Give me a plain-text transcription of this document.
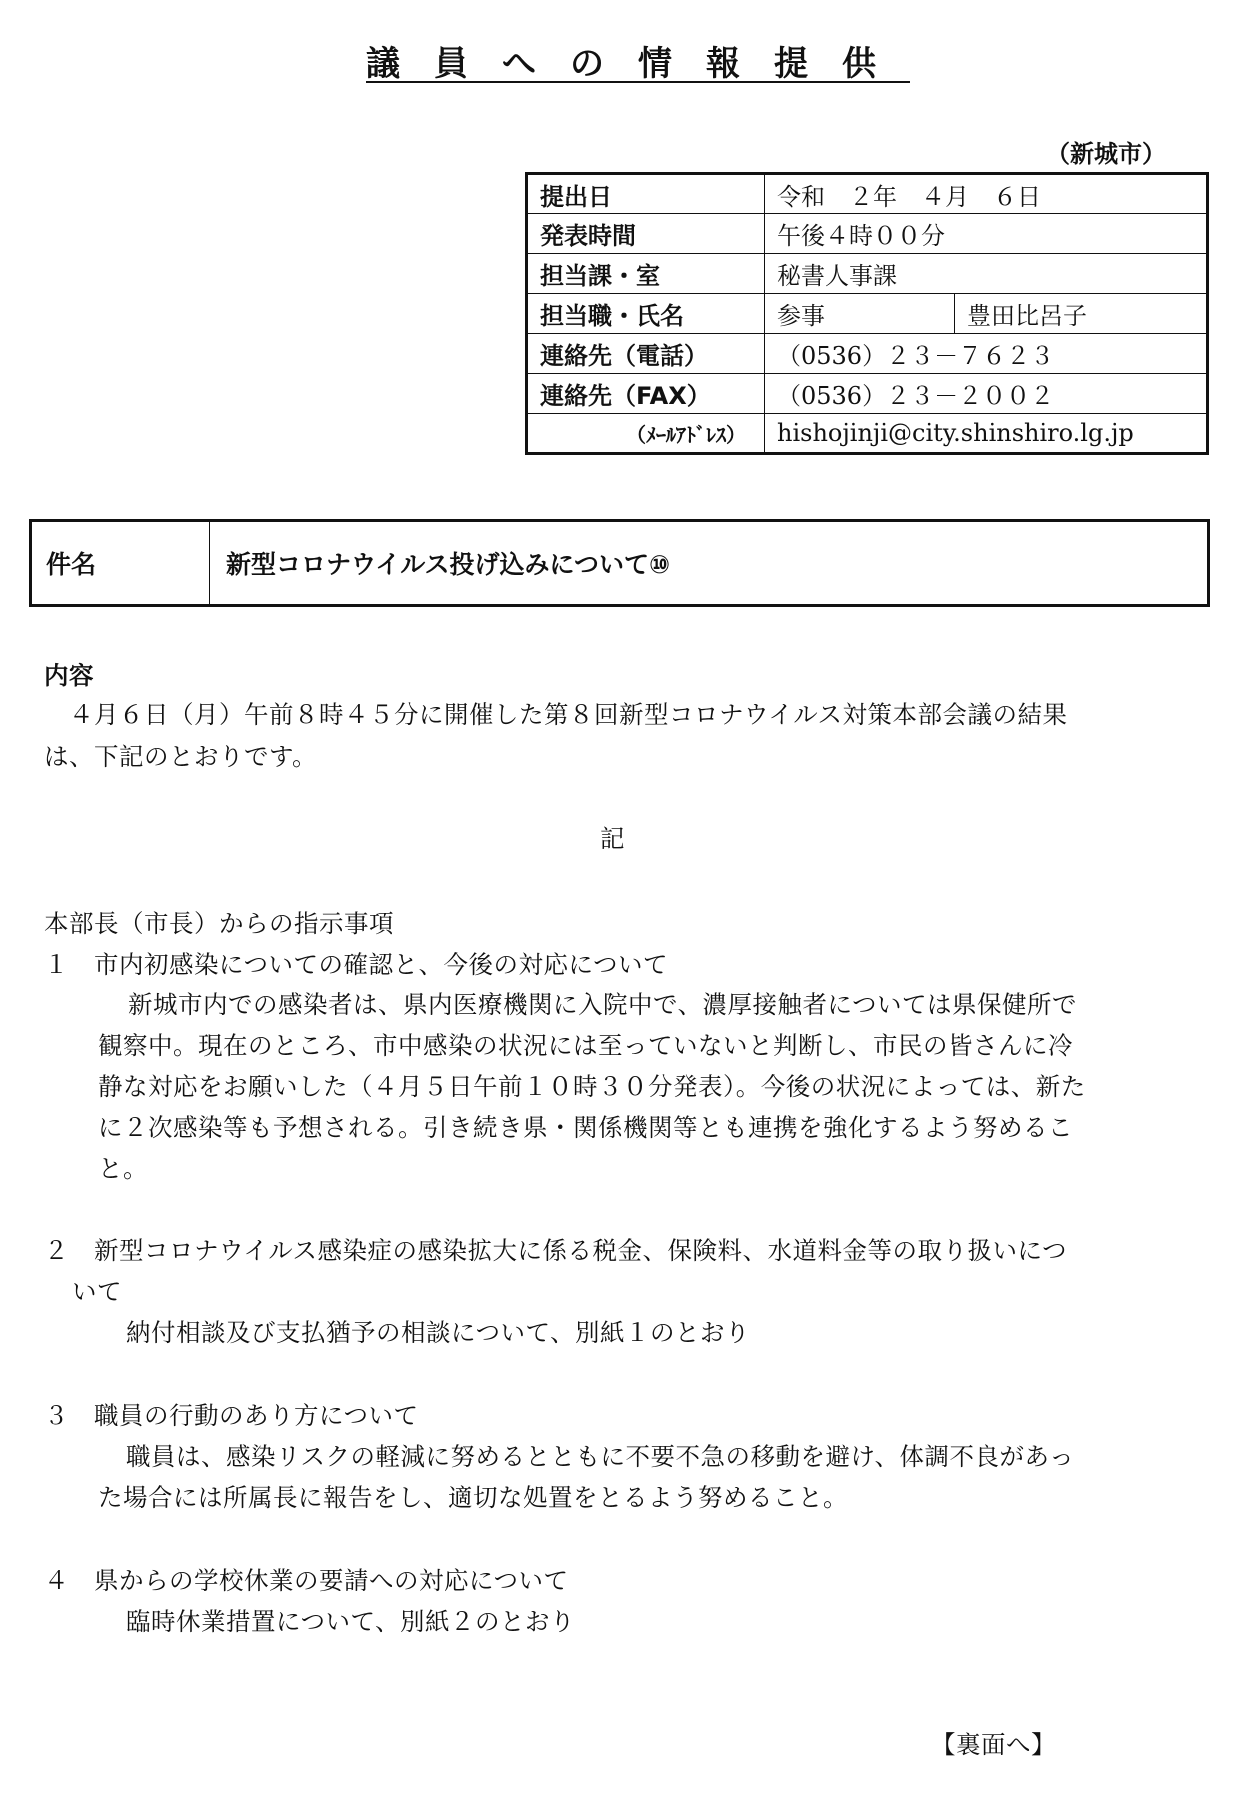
議員への情報提供
（新城市）
提出日	令和　２年　４月　６日	
発表時間	午後４時００分	
担当課・室	秘書人事課	
担当職・氏名	参事	豊田比呂子
連絡先（電話）	（0536）２３－７６２３	
連絡先（FAX）	（0536）２３－２００２	
（ﾒｰﾙｱﾄﾞﾚｽ）	hishojinji@city.shinshiro.lg.jp	
件名	新型コロナウイルス投げ込みについて⑩
内容
　４月６日（月）午前８時４５分に開催した第８回新型コロナウイルス対策本部会議の結果
は、下記のとおりです。
記
本部長（市長）からの指示事項
１　市内初感染についての確認と、今後の対応について
新城市内での感染者は、県内医療機関に入院中で、濃厚接触者については県保健所で
観察中。現在のところ、市中感染の状況には至っていないと判断し、市民の皆さんに冷
静な対応をお願いした（４月５日午前１０時３０分発表）。今後の状況によっては、新た
に２次感染等も予想される。引き続き県・関係機関等とも連携を強化するよう努めるこ
と。
２　新型コロナウイルス感染症の感染拡大に係る税金、保険料、水道料金等の取り扱いにつ
いて
納付相談及び支払猶予の相談について、別紙１のとおり
３　職員の行動のあり方について
職員は、感染リスクの軽減に努めるとともに不要不急の移動を避け、体調不良があっ
た場合には所属長に報告をし、適切な処置をとるよう努めること。
４　県からの学校休業の要請への対応について
臨時休業措置について、別紙２のとおり
【裏面へ】
